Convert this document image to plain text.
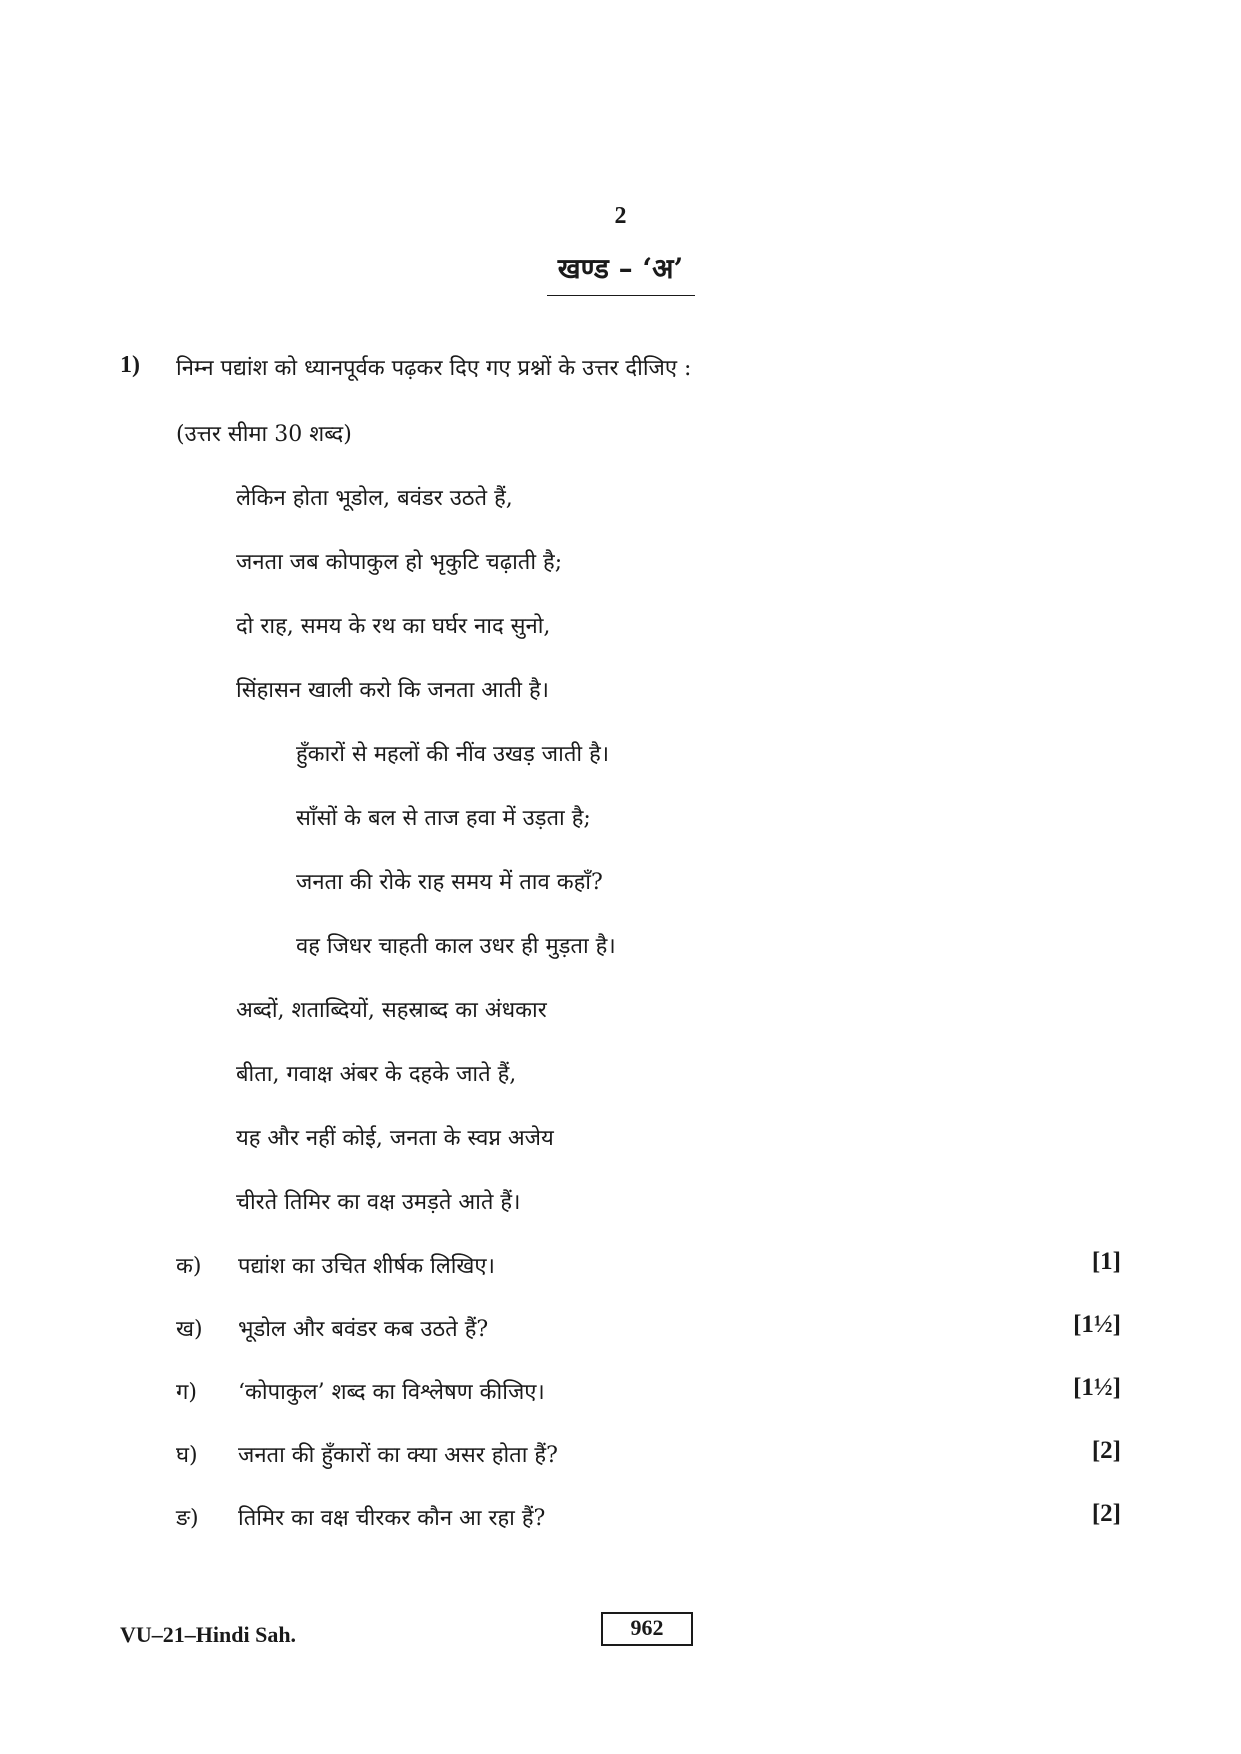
2
खण्ड – ‘अ’
1) निम्न पद्यांश को ध्यानपूर्वक पढ़कर दिए गए प्रश्नों के उत्तर दीजिए :
(उत्तर सीमा 30 शब्द)
लेकिन होता भूडोल, बवंडर उठते हैं,
जनता जब कोपाकुल हो भृकुटि चढ़ाती है;
दो राह, समय के रथ का घर्घर नाद सुनो,
सिंहासन खाली करो कि जनता आती है।
हुँकारों से महलों की नींव उखड़ जाती है।
साँसों के बल से ताज हवा में उड़ता है;
जनता की रोके राह समय में ताव कहाँ?
वह जिधर चाहती काल उधर ही मुड़ता है।
अब्दों, शताब्दियों, सहस्राब्द का अंधकार
बीता, गवाक्ष अंबर के दहके जाते हैं,
यह और नहीं कोई, जनता के स्वप्न अजेय
चीरते तिमिर का वक्ष उमड़ते आते हैं।
क) पद्यांश का उचित शीर्षक लिखिए।	[1]
ख) भूडोल और बवंडर कब उठते हैं?	[1½]
ग) ‘कोपाकुल’ शब्द का विश्लेषण कीजिए।	[1½]
घ) जनता की हुँकारों का क्या असर होता हैं?	[2]
ङ) तिमिर का वक्ष चीरकर कौन आ रहा हैं?	[2]
VU–21–Hindi Sah.	962
